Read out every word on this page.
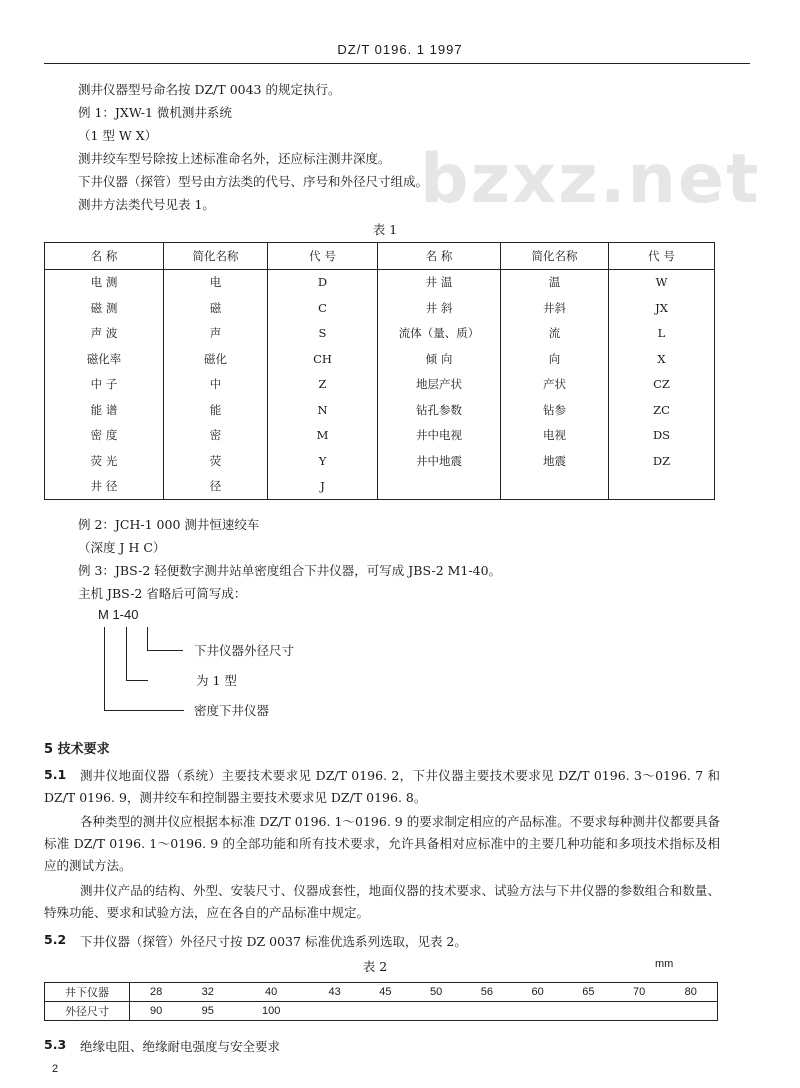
DZ/T 0196. 1 1997
bzxz.net
测井仪器型号命名按 DZ/T 0043 的规定执行。
例 1：JXW-1 微机测井系统
（1 型 W X）
测井绞车型号除按上述标准命名外，还应标注测井深度。
下井仪器（探管）型号由方法类的代号、序号和外径尺寸组成。
测井方法类代号见表 1。
表 1
名 称	简化名称	代 号	名 称	简化名称	代 号
电 测	电	D	井 温	温	W
磁 测	磁	C	井 斜	井斜	JX
声 波	声	S	流体（量、质）	流	L
磁化率	磁化	CH	倾 向	向	X
中 子	中	Z	地层产状	产状	CZ
能 谱	能	N	钻孔参数	钻参	ZC
密 度	密	M	井中电视	电视	DS
荧 光	荧	Y	井中地震	地震	DZ
井 径	径	J			
例 2：JCH-1 000 测井恒速绞车
（深度 J H C）
例 3：JBS-2 轻便数字测井站单密度组合下井仪器，可写成 JBS-2 M1-40。
主机 JBS-2 省略后可简写成：
M 1-40
下井仪器外径尺寸
为 1 型
密度下井仪器
5 技术要求
5.1	测井仪地面仪器（系统）主要技术要求见 DZ/T 0196. 2，下井仪器主要技术要求见 DZ/T 0196. 3～0196. 7 和 DZ/T 0196. 9，测井绞车和控制器主要技术要求见 DZ/T 0196. 8。
各种类型的测井仪应根据本标准 DZ/T 0196. 1～0196. 9 的要求制定相应的产品标准。不要求每种测井仪都要具备标准 DZ/T 0196. 1～0196. 9 的全部功能和所有技术要求，允许具备相对应标准中的主要几种功能和多项技术指标及相应的测试方法。
测井仪产品的结构、外型、安装尺寸、仪器成套性，地面仪器的技术要求、试验方法与下井仪器的参数组合和数量、特殊功能、要求和试验方法，应在各自的产品标准中规定。
5.2 下井仪器（探管）外径尺寸按 DZ 0037 标准优选系列选取，见表 2。
表 2	mm
井下仪器	28	32	40	43	45	50	56	60	65	70	80
外径尺寸	90	95	100								
5.3 绝缘电阻、绝缘耐电强度与安全要求
2
